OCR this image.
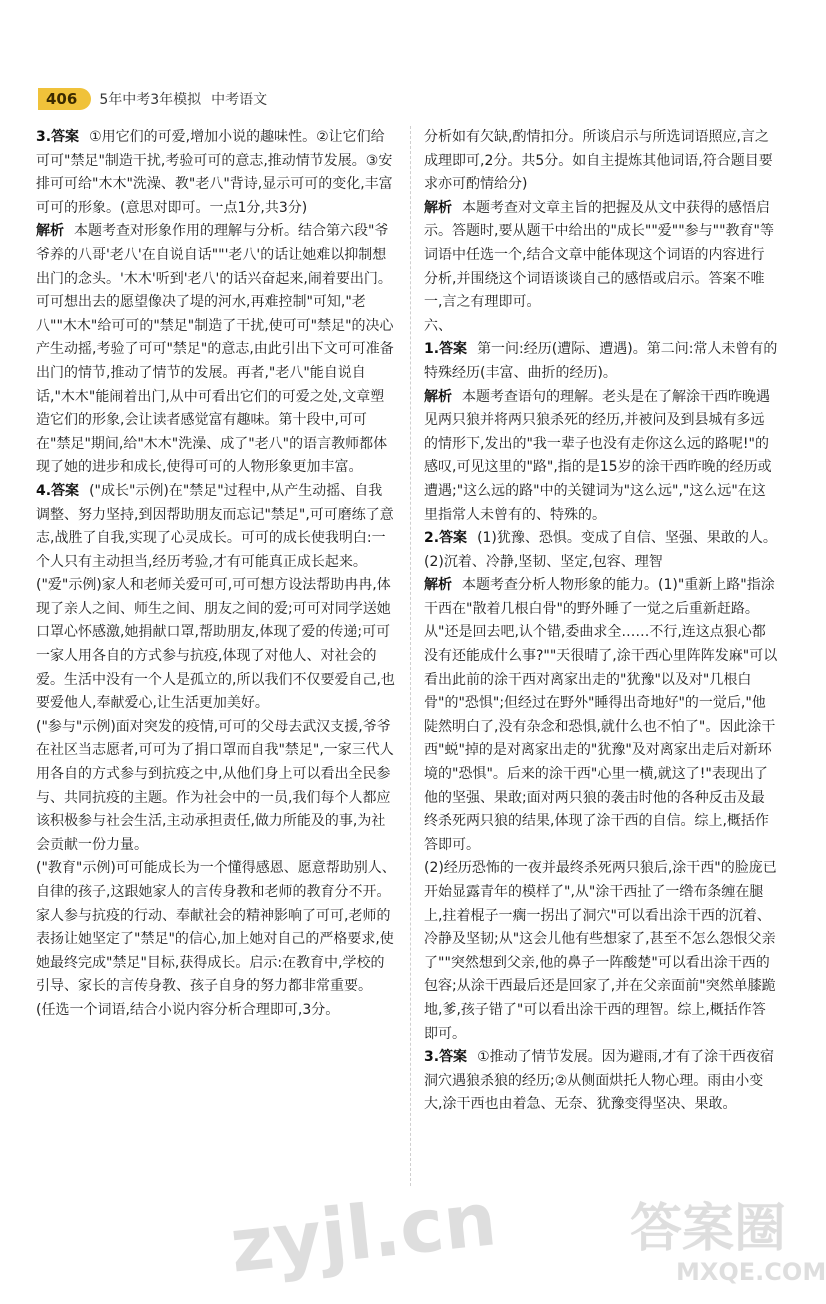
406	5年中考3年模拟 中考语文

3.答案 ①用它们的可爱,增加小说的趣味性。②让它们给可可"禁足"制造干扰,考验可可的意志,推动情节发展。③安排可可给"木木"洗澡、教"老八"背诗,显示可可的变化,丰富可可的形象。(意思对即可。一点1分,共3分)

解析 本题考查对形象作用的理解与分析。结合第六段"爷爷养的八哥'老八'在自说自话""'老八'的话让她难以抑制想出门的念头。'木木'听到'老八'的话兴奋起来,闹着要出门。可可想出去的愿望像决了堤的河水,再难控制"可知,"老八""木木"给可可的"禁足"制造了干扰,使可可"禁足"的决心产生动摇,考验了可可"禁足"的意志,由此引出下文可可准备出门的情节,推动了情节的发展。再者,"老八"能自说自话,"木木"能闹着出门,从中可看出它们的可爱之处,文章塑造它们的形象,会让读者感觉富有趣味。第十段中,可可在"禁足"期间,给"木木"洗澡、成了"老八"的语言教师都体现了她的进步和成长,使得可可的人物形象更加丰富。

4.答案 ("成长"示例)在"禁足"过程中,从产生动摇、自我调整、努力坚持,到因帮助朋友而忘记"禁足",可可磨练了意志,战胜了自我,实现了心灵成长。可可的成长使我明白:一个人只有主动担当,经历考验,才有可能真正成长起来。

("爱"示例)家人和老师关爱可可,可可想方设法帮助冉冉,体现了亲人之间、师生之间、朋友之间的爱;可可对同学送她口罩心怀感激,她捐献口罩,帮助朋友,体现了爱的传递;可可一家人用各自的方式参与抗疫,体现了对他人、对社会的爱。生活中没有一个人是孤立的,所以我们不仅要爱自己,也要爱他人,奉献爱心,让生活更加美好。

("参与"示例)面对突发的疫情,可可的父母去武汉支援,爷爷在社区当志愿者,可可为了捐口罩而自我"禁足",一家三代人用各自的方式参与到抗疫之中,从他们身上可以看出全民参与、共同抗疫的主题。作为社会中的一员,我们每个人都应该积极参与社会生活,主动承担责任,做力所能及的事,为社会贡献一份力量。

("教育"示例)可可能成长为一个懂得感恩、愿意帮助别人、自律的孩子,这跟她家人的言传身教和老师的教育分不开。家人参与抗疫的行动、奉献社会的精神影响了可可,老师的表扬让她坚定了"禁足"的信心,加上她对自己的严格要求,使她最终完成"禁足"目标,获得成长。启示:在教育中,学校的引导、家长的言传身教、孩子自身的努力都非常重要。

(任选一个词语,结合小说内容分析合理即可,3分。

分析如有欠缺,酌情扣分。所谈启示与所选词语照应,言之成理即可,2分。共5分。如自主提炼其他词语,符合题目要求亦可酌情给分)

解析 本题考查对文章主旨的把握及从文中获得的感悟启示。答题时,要从题干中给出的"成长""爱""参与""教育"等词语中任选一个,结合文章中能体现这个词语的内容进行分析,并围绕这个词语谈谈自己的感悟或启示。答案不唯一,言之有理即可。

六、

1.答案 第一问:经历(遭际、遭遇)。第二问:常人未曾有的特殊经历(丰富、曲折的经历)。

解析 本题考查语句的理解。老头是在了解涂干西昨晚遇见两只狼并将两只狼杀死的经历,并被问及到县城有多远的情形下,发出的"我一辈子也没有走你这么远的路呢!"的感叹,可见这里的"路",指的是15岁的涂干西昨晚的经历或遭遇;"这么远的路"中的关键词为"这么远","这么远"在这里指常人未曾有的、特殊的。

2.答案 (1)犹豫、恐惧。变成了自信、坚强、果敢的人。

(2)沉着、冷静,坚韧、坚定,包容、理智

解析 本题考查分析人物形象的能力。(1)"重新上路"指涂干西在"散着几根白骨"的野外睡了一觉之后重新赶路。从"还是回去吧,认个错,委曲求全……不行,连这点狠心都没有还能成什么事?""天很晴了,涂干西心里阵阵发麻"可以看出此前的涂干西对离家出走的"犹豫"以及对"几根白骨"的"恐惧";但经过在野外"睡得出奇地好"的一觉后,"他陡然明白了,没有杂念和恐惧,就什么也不怕了"。因此涂干西"蜕"掉的是对离家出走的"犹豫"及对离家出走后对新环境的"恐惧"。后来的涂干西"心里一横,就这了!"表现出了他的坚强、果敢;面对两只狼的袭击时他的各种反击及最终杀死两只狼的结果,体现了涂干西的自信。综上,概括作答即可。

(2)经历恐怖的一夜并最终杀死两只狼后,涂干西"的脸庞已开始显露青年的模样了",从"涂干西扯了一绺布条缠在腿上,拄着棍子一瘸一拐出了洞穴"可以看出涂干西的沉着、冷静及坚韧;从"这会儿他有些想家了,甚至不怎么怨恨父亲了""突然想到父亲,他的鼻子一阵酸楚"可以看出涂干西的包容;从涂干西最后还是回家了,并在父亲面前"突然单膝跪地,爹,孩子错了"可以看出涂干西的理智。综上,概括作答即可。

3.答案 ①推动了情节发展。因为避雨,才有了涂干西夜宿洞穴遇狼杀狼的经历;②从侧面烘托人物心理。雨由小变大,涂干西也由着急、无奈、犹豫变得坚决、果敢。

zyjl.cn 答案圈
MXQE.COM
